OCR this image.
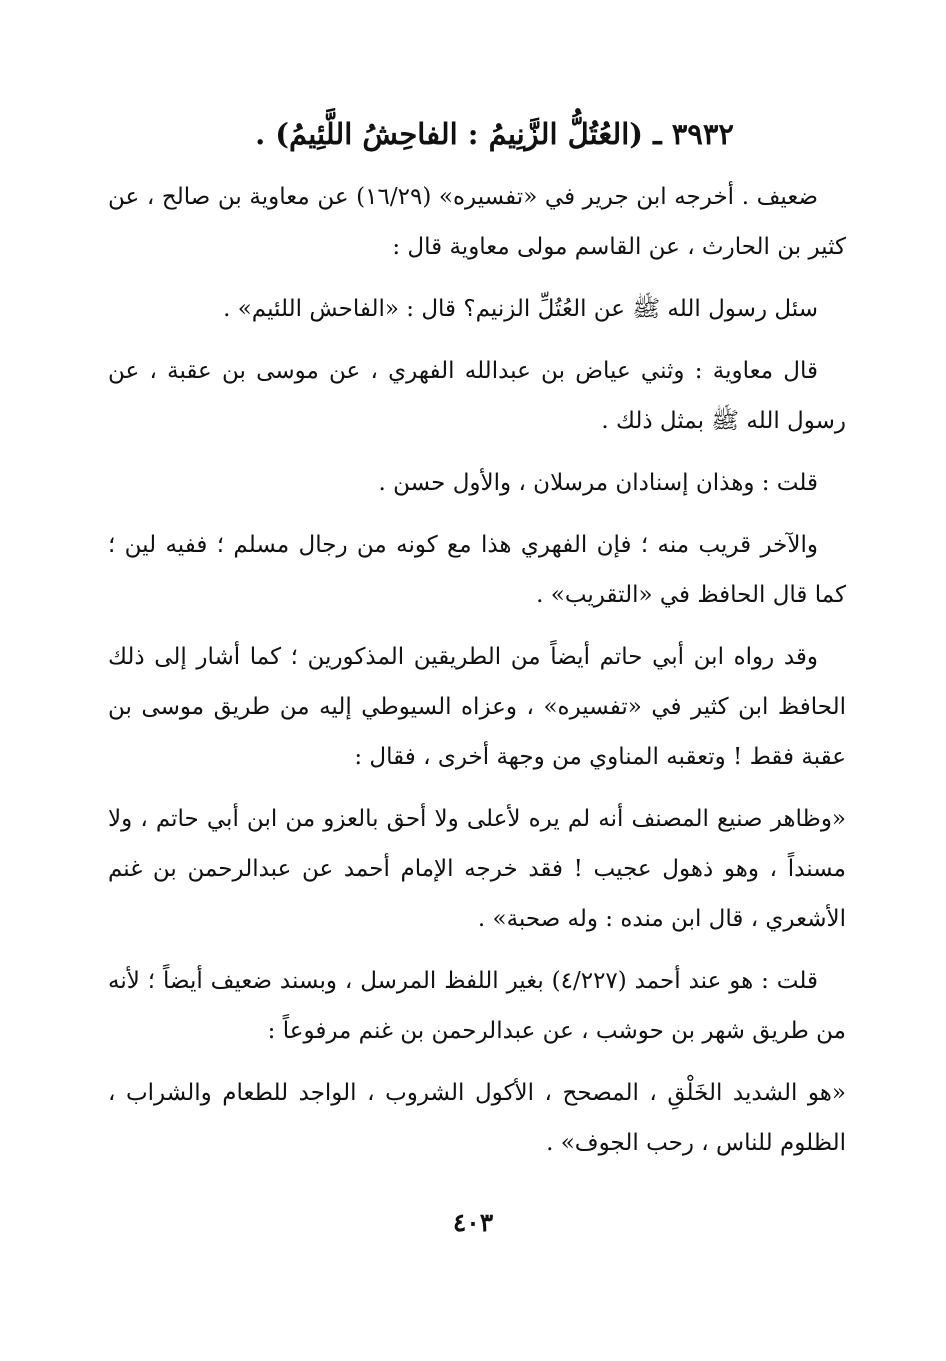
٣٩٣٢ ـ (العُتُلُّ الزَّنِيمُ : الفاحِشُ اللَّئِيمُ) .

ضعيف . أخرجه ابن جرير في «تفسيره» (١٦/٢٩) عن معاوية بن صالح ، عن كثير بن الحارث ، عن القاسم مولى معاوية قال :

سئل رسول الله ﷺ عن العُتُلِّ الزنيم؟ قال : «الفاحش اللئيم» .

قال معاوية : وثني عياض بن عبدالله الفهري ، عن موسى بن عقبة ، عن رسول الله ﷺ بمثل ذلك .

قلت : وهذان إسنادان مرسلان ، والأول حسن .

والآخر قريب منه ؛ فإن الفهري هذا مع كونه من رجال مسلم ؛ ففيه لين ؛ كما قال الحافظ في «التقريب» .

وقد رواه ابن أبي حاتم أيضاً من الطريقين المذكورين ؛ كما أشار إلى ذلك الحافظ ابن كثير في «تفسيره» ، وعزاه السيوطي إليه من طريق موسى بن عقبة فقط ! وتعقبه المناوي من وجهة أخرى ، فقال :

«وظاهر صنيع المصنف أنه لم يره لأعلى ولا أحق بالعزو من ابن أبي حاتم ، ولا مسنداً ، وهو ذهول عجيب ! فقد خرجه الإمام أحمد عن عبدالرحمن بن غنم الأشعري ، قال ابن منده : وله صحبة» .

قلت : هو عند أحمد (٤/٢٢٧) بغير اللفظ المرسل ، وبسند ضعيف أيضاً ؛ لأنه من طريق شهر بن حوشب ، عن عبدالرحمن بن غنم مرفوعاً :

«هو الشديد الخَلْقِ ، المصحح ، الأكول الشروب ، الواجد للطعام والشراب ، الظلوم للناس ، رحب الجوف» .

٤٠٣
